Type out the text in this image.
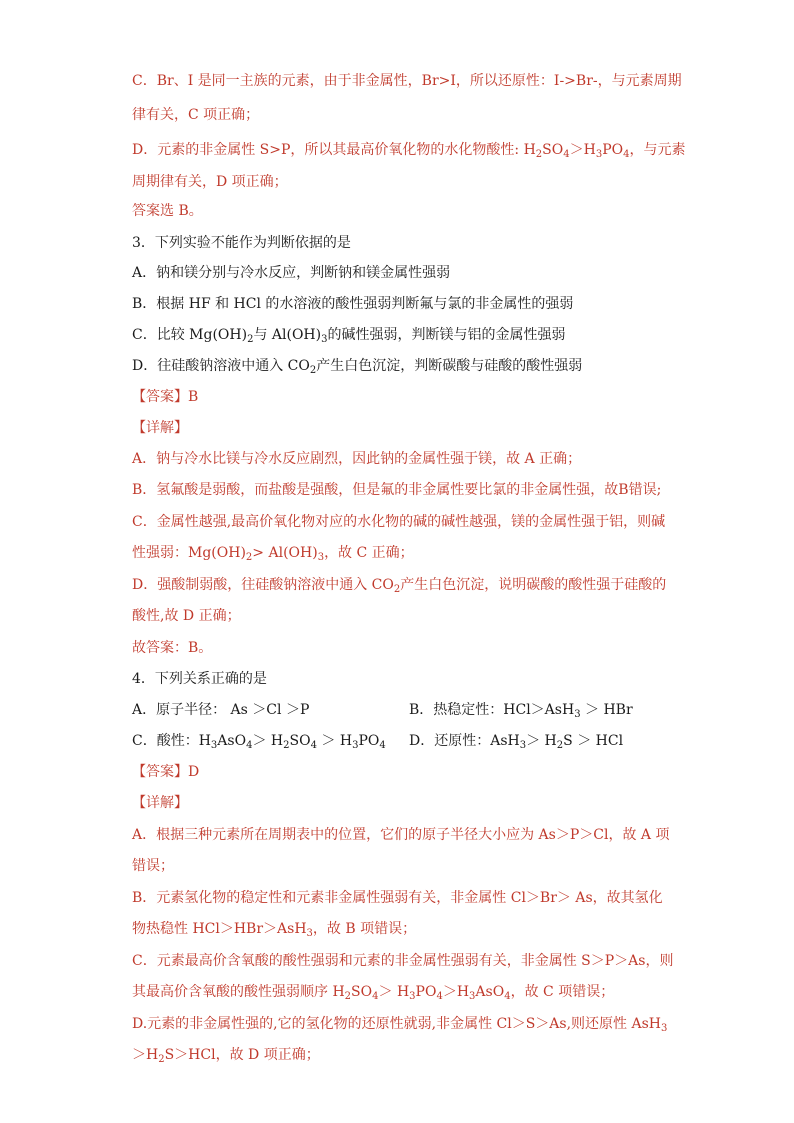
C．Br、I 是同一主族的元素，由于非金属性，Br>I，所以还原性：I->Br-，与元素周期
律有关，C 项正确；
D．元素的非金属性 S>P，所以其最高价氧化物的水化物酸性: $H_2SO_4>H_3PO_4$，与元素
周期律有关，D 项正确；
答案选 B。
3．下列实验不能作为判断依据的是
A．钠和镁分别与冷水反应，判断钠和镁金属性强弱
B．根据 HF 和 HCl 的水溶液的酸性强弱判断氟与氯的非金属性的强弱
C．比较 $Mg(OH)_2$与 $Al(OH)_3$的碱性强弱，判断镁与铝的金属性强弱
D．往硅酸钠溶液中通入 $CO_2$产生白色沉淀，判断碳酸与硅酸的酸性强弱
【答案】B
【详解】
A．钠与冷水比镁与冷水反应剧烈，因此钠的金属性强于镁，故 A 正确；
B．氢氟酸是弱酸，而盐酸是强酸，但是氟的非金属性要比氯的非金属性强，故B错误;
C．金属性越强,最高价氧化物对应的水化物的碱的碱性越强，镁的金属性强于铝，则碱
性强弱：$Mg(OH)_2> Al(OH)_3$，故 C 正确；
D．强酸制弱酸，往硅酸钠溶液中通入 $CO_2$产生白色沉淀，说明碳酸的酸性强于硅酸的
酸性,故 D 正确；
故答案：B。
4．下列关系正确的是
A．原子半径： As ＞Cl ＞P	B．热稳定性：HCl＞AsH$_3$ ＞ HBr
C．酸性：$H_3AsO_4> H_2SO_4 > H_3PO_4$ D．还原性：$AsH_3> H_2S$ ＞ HCl
【答案】D
【详解】
A．根据三种元素所在周期表中的位置，它们的原子半径大小应为 As＞P＞Cl，故 A 项
错误；
B．元素氢化物的稳定性和元素非金属性强弱有关，非金属性 Cl＞Br＞ As，故其氢化
物热稳性 HCl＞HBr＞AsH$_3$，故 B 项错误；
C．元素最高价含氧酸的酸性强弱和元素的非金属性强弱有关，非金属性 S＞P＞As，则
其最高价含氧酸的酸性强弱顺序 $H_2SO_4> H_3PO_4>H_3AsO_4$，故 C 项错误；
D.元素的非金属性强的,它的氢化物的还原性就弱,非金属性 Cl＞S＞As,则还原性 AsH$_3$
$>H_2S>HCl$，故 D 项正确；
